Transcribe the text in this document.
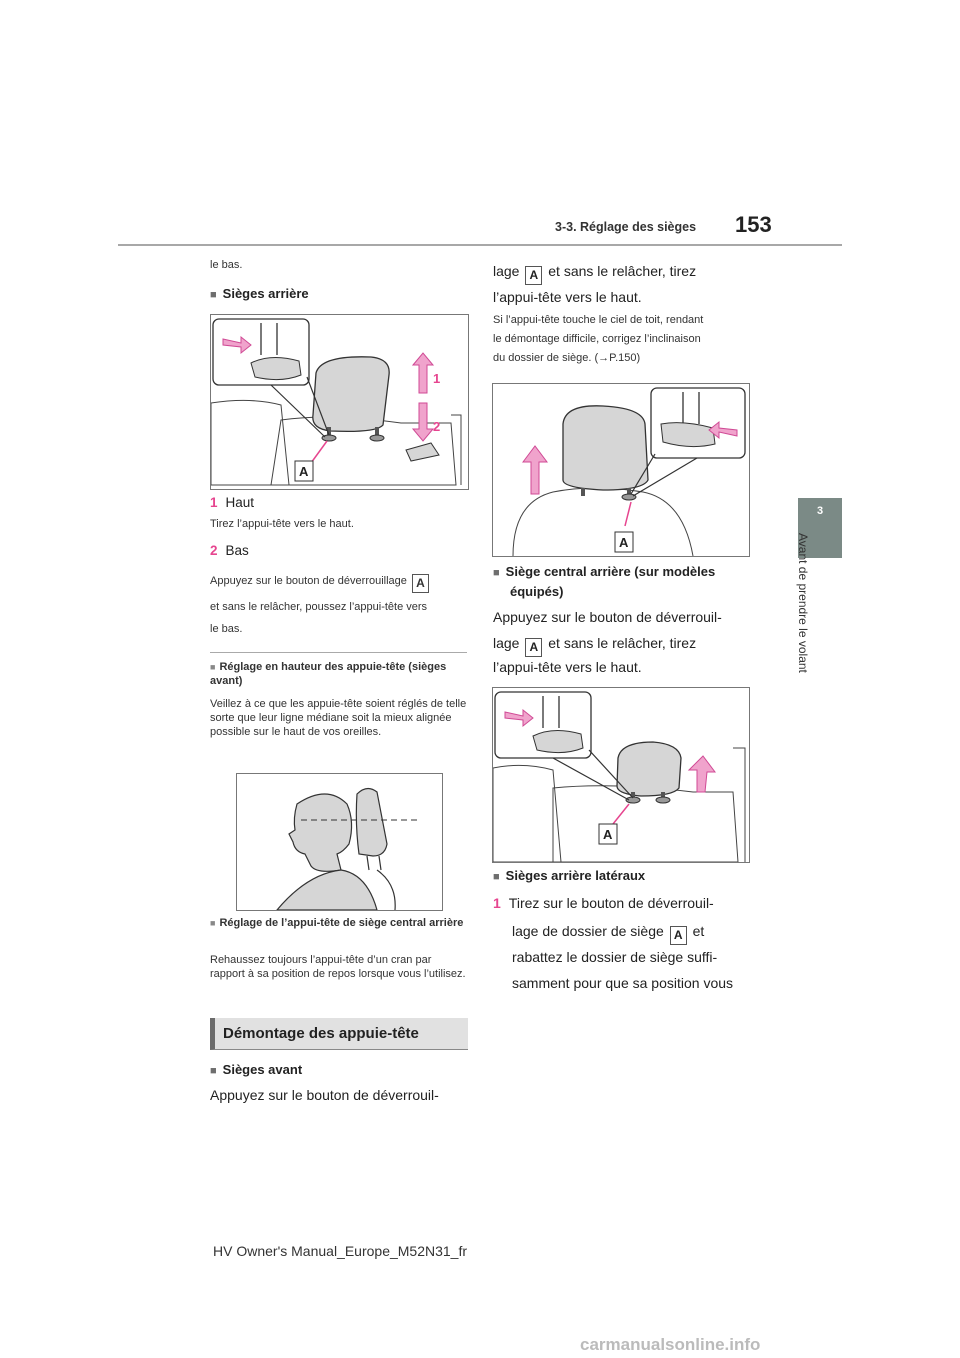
153
3-3. Réglage des sièges
3
Avant de prendre le volant
le bas.
■ Sièges arrière
1
2
A
1 Haut
Tirez l’appui-tête vers le haut.
2 Bas
Appuyez sur le bouton de déverrouillage A
et sans le relâcher, poussez l’appui-tête vers
le bas.
■ Réglage en hauteur des appuie-tête (sièges avant)
Veillez à ce que les appuie-tête soient réglés de telle sorte que leur ligne médiane soit la mieux alignée possible sur le haut de vos oreilles.
■ Réglage de l’appui-tête de siège central arrière
Rehaussez toujours l’appui-tête d’un cran par rapport à sa position de repos lorsque vous l’utilisez.
Démontage des appuie-tête
■ Sièges avant
Appuyez sur le bouton de déverrouil-
lage A et sans le relâcher, tirez
l’appui-tête vers le haut.
Si l’appui-tête touche le ciel de toit, rendant
le démontage difficile, corrigez l’inclinaison
du dossier de siège. (→P.150)
A
■ Siège central arrière (sur modèles
équipés)
Appuyez sur le bouton de déverrouil-
lage A et sans le relâcher, tirez
l’appui-tête vers le haut.
A
■ Sièges arrière latéraux
1 Tirez sur le bouton de déverrouil-
lage de dossier de siège A et
rabattez le dossier de siège suffi-
samment pour que sa position vous
HV Owner's Manual_Europe_M52N31_fr
carmanualsonline.info
